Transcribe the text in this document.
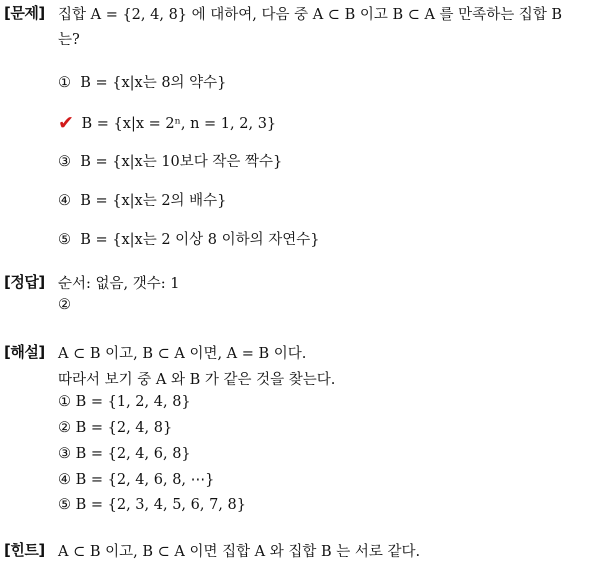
[문제] 집합 A = {2, 4, 8} 에 대하여, 다음 중 A ⊂ B 이고 B ⊂ A 를 만족하는 집합 B
는?
① B = {x|x는 8의 약수}
✔ B = {x|x = 2ⁿ, n = 1, 2, 3}
③ B = {x|x는 10보다 작은 짝수}
④ B = {x|x는 2의 배수}
⑤ B = {x|x는 2 이상 8 이하의 자연수}
[정답] 순서: 없음, 갯수: 1
②
[해설] A ⊂ B 이고, B ⊂ A 이면, A = B 이다.
따라서 보기 중 A 와 B 가 같은 것을 찾는다.
① B = {1, 2, 4, 8}
② B = {2, 4, 8}
③ B = {2, 4, 6, 8}
④ B = {2, 4, 6, 8, ⋯}
⑤ B = {2, 3, 4, 5, 6, 7, 8}
[힌트] A ⊂ B 이고, B ⊂ A 이면 집합 A 와 집합 B 는 서로 같다.
